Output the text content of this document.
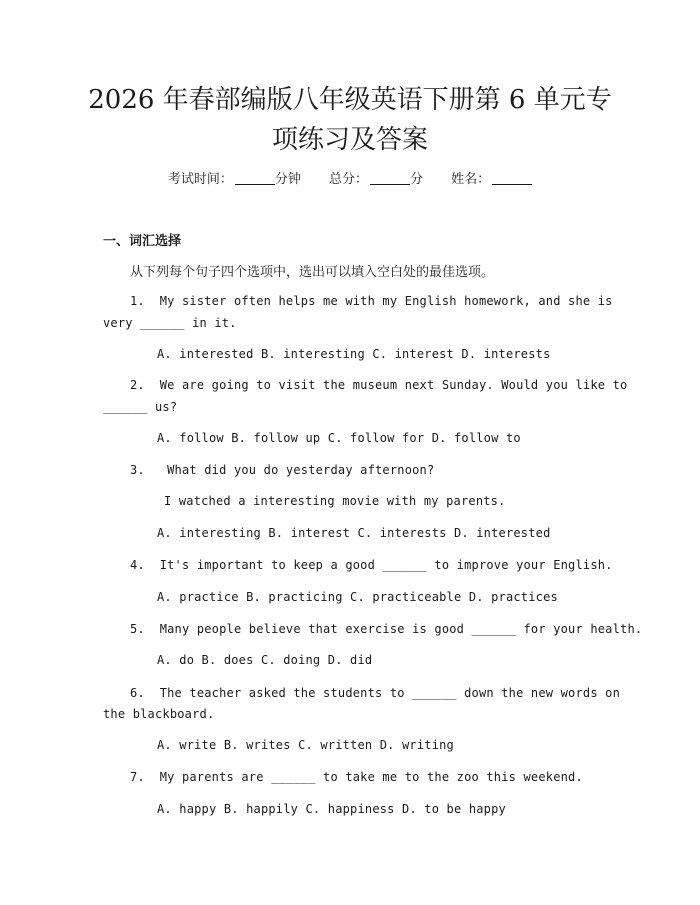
2026 年春部编版八年级英语下册第 6 单元专
项练习及答案
考试时间：	分钟 总分：	分 姓名：
一、词汇选择
从下列每个句子四个选项中，选出可以填入空白处的最佳选项。
1.  My sister often helps me with my English homework, and she is
very ______ in it.
A. interested B. interesting C. interest D. interests
2.  We are going to visit the museum next Sunday. Would you like to
______ us?
A. follow B. follow up C. follow for D. follow to
3.   What did you do yesterday afternoon?
I watched a interesting movie with my parents.
A. interesting B. interest C. interests D. interested
4.  It's important to keep a good ______ to improve your English.
A. practice B. practicing C. practiceable D. practices
5.  Many people believe that exercise is good ______ for your health.
A. do B. does C. doing D. did
6.  The teacher asked the students to ______ down the new words on
the blackboard.
A. write B. writes C. written D. writing
7.  My parents are ______ to take me to the zoo this weekend.
A. happy B. happily C. happiness D. to be happy
